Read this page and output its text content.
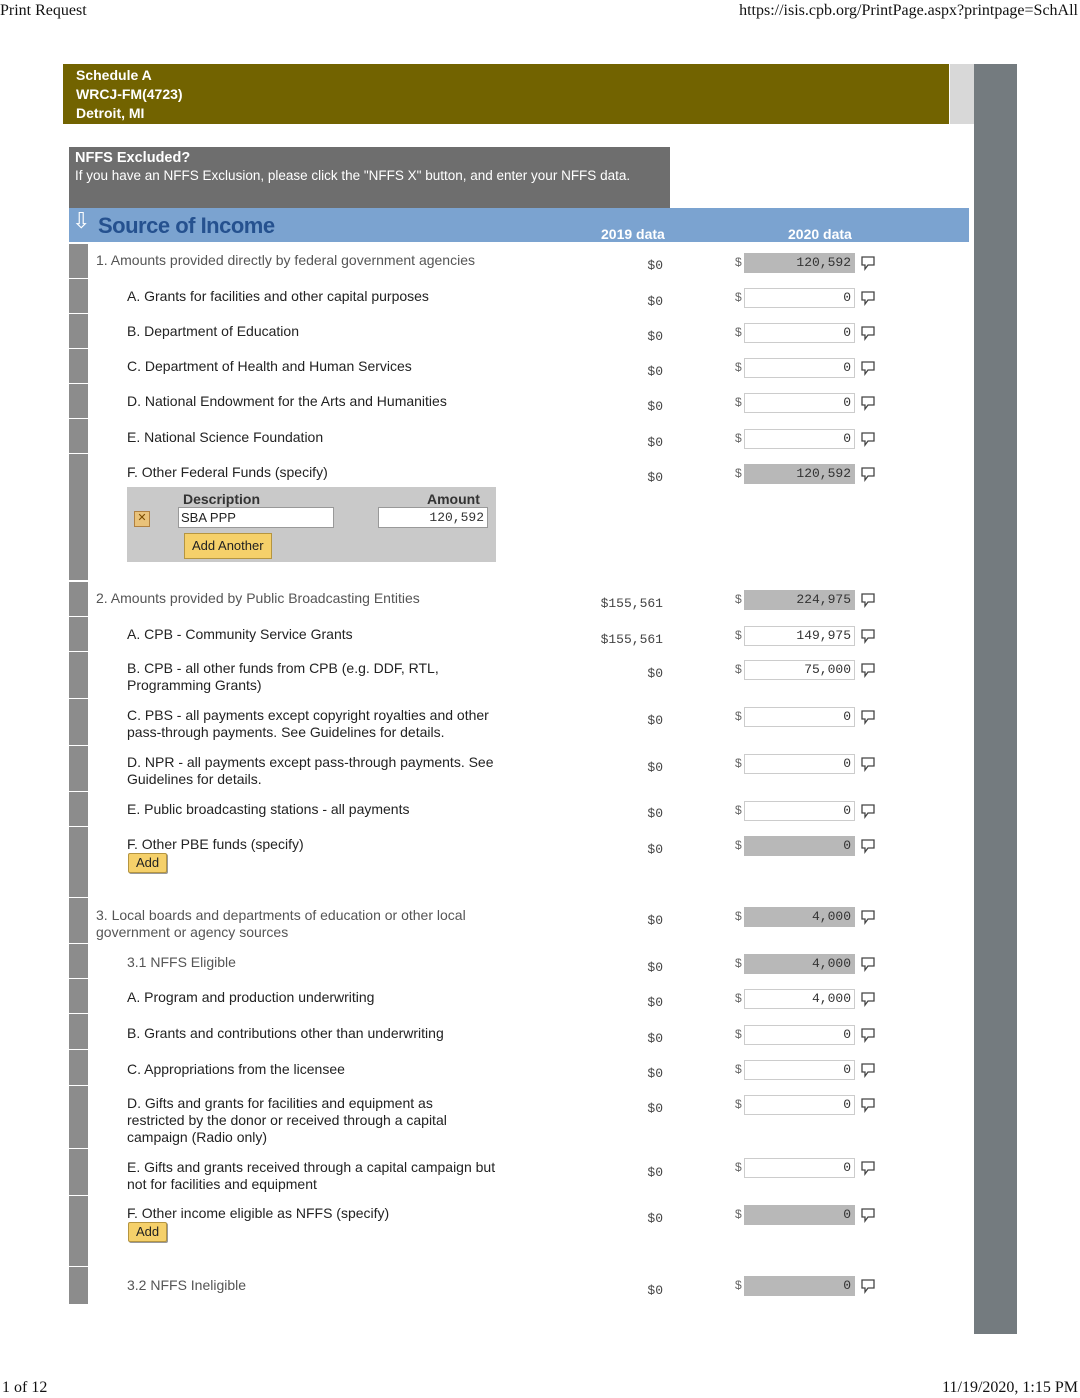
Print Request	https://isis.cpb.org/PrintPage.aspx?printpage=SchAll
Schedule A
WRCJ-FM(4723)
Detroit, MI
NFFS Excluded?
If you have an NFFS Exclusion, please click the "NFFS X" button, and enter your NFFS data.
⇩ Source of Income	2019 data	2020 data
1. Amounts provided directly by federal government agencies	$0	$	120,592
A. Grants for facilities and other capital purposes	$0	$	0
B. Department of Education	$0	$	0
C. Department of Health and Human Services	$0	$	0
D. National Endowment for the Arts and Humanities	$0	$	0
E. National Science Foundation	$0	$	0
F. Other Federal Funds (specify)	$0	$	120,592
2. Amounts provided by Public Broadcasting Entities	$155,561	$	224,975
A. CPB - Community Service Grants	$155,561	$	149,975
B. CPB - all other funds from CPB (e.g. DDF, RTL, Programming Grants)
$0	$	75,000
C. PBS - all payments except copyright royalties and other pass-through payments. See Guidelines for details.
$0	$	0
D. NPR - all payments except pass-through payments. See Guidelines for details.
$0	$	0
E. Public broadcasting stations - all payments	$0	$	0
F. Other PBE funds (specify)	$0	$	0
3. Local boards and departments of education or other local government or agency sources
$0	$	4,000
3.1 NFFS Eligible	$0	$	4,000
A. Program and production underwriting	$0	$	4,000
B. Grants and contributions other than underwriting	$0	$	0
C. Appropriations from the licensee	$0	$	0
D. Gifts and grants for facilities and equipment as restricted by the donor or received through a capital campaign (Radio only)
$0	$	0
E. Gifts and grants received through a capital campaign but not for facilities and equipment
$0	$	0
F. Other income eligible as NFFS (specify)	$0	$	0
3.2 NFFS Ineligible	$0	$	0
Description	Amount
✕	SBA PPP	120,592
Add Another
Add
Add
1 of 12	11/19/2020, 1:15 PM
